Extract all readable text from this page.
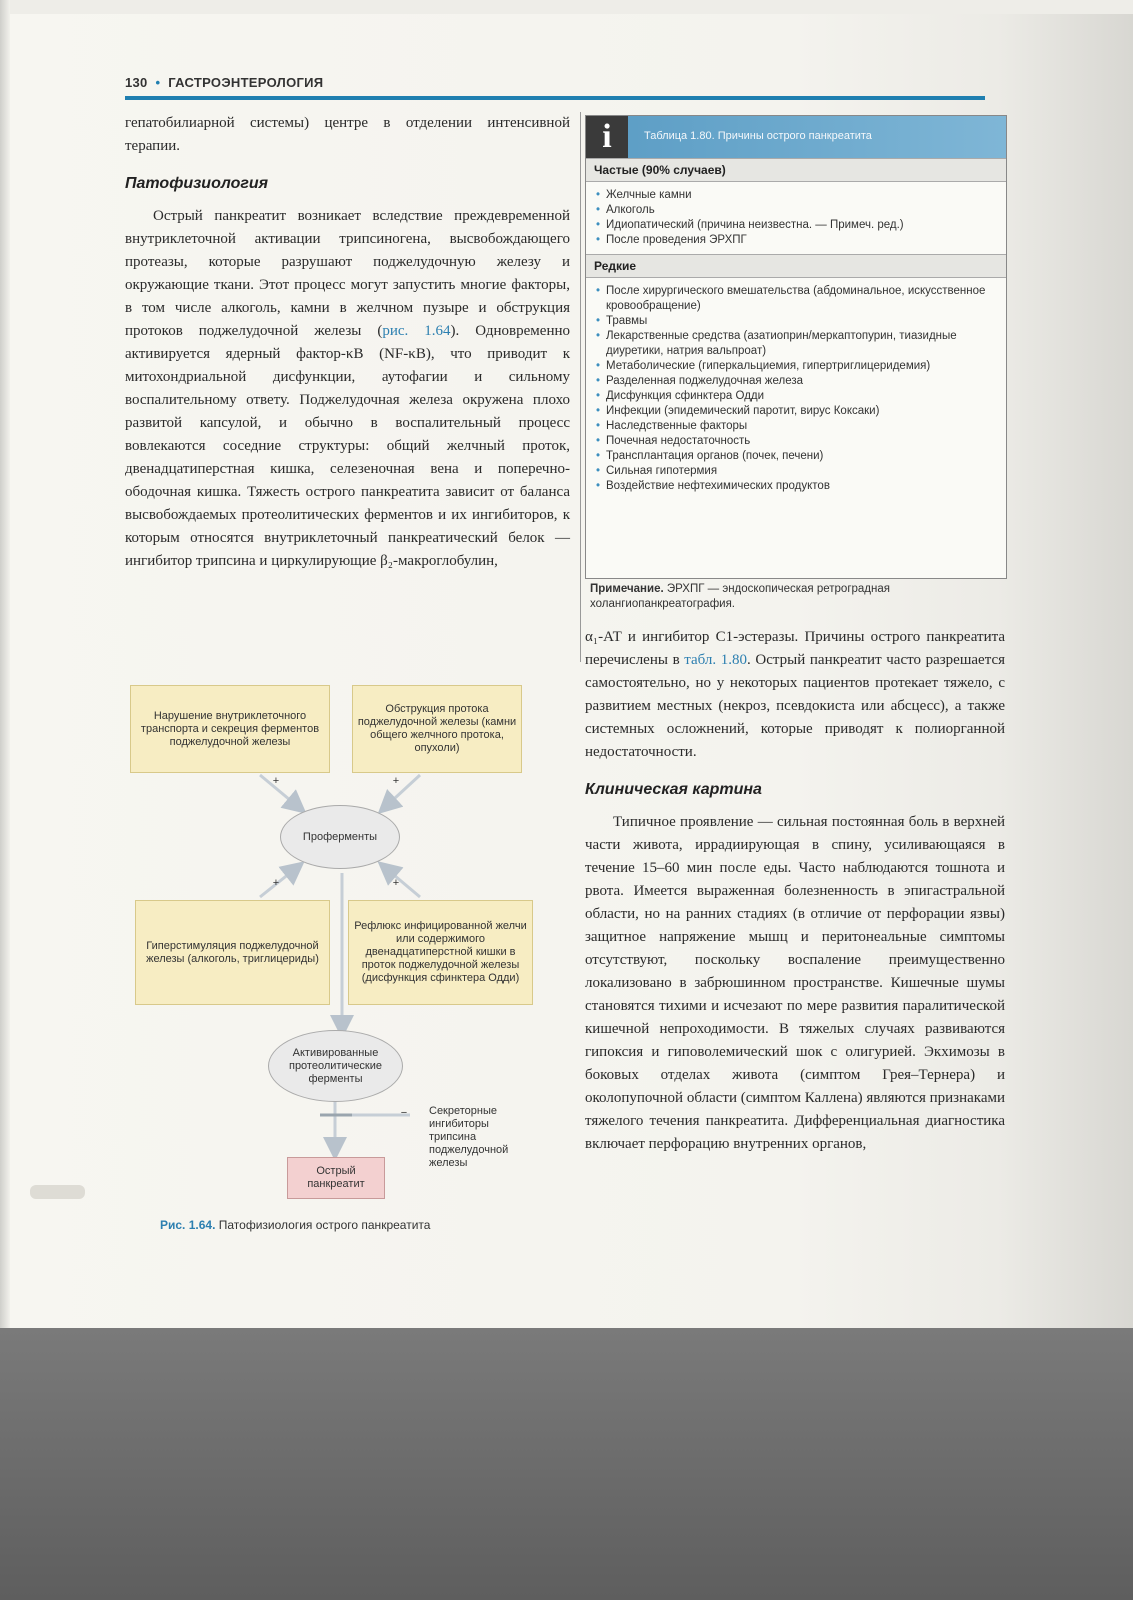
130 • ГАСТРОЭНТЕРОЛОГИЯ

гепатобилиарной системы) центре в отделении интенсивной терапии.

Патофизиология

Острый панкреатит возникает вследствие преждевременной внутриклеточной активации трипсиногена, высвобождающего протеазы, которые разрушают поджелудочную железу и окружающие ткани. Этот процесс могут запустить многие факторы, в том числе алкоголь, камни в желчном пузыре и обструкция протоков поджелудочной железы (рис. 1.64). Одновременно активируется ядерный фактор-κB (NF-κB), что приводит к митохондриальной дисфункции, аутофагии и сильному воспалительному ответу. Поджелудочная железа окружена плохо развитой капсулой, и обычно в воспалительный процесс вовлекаются соседние структуры: общий желчный проток, двенадцатиперстная кишка, селезеночная вена и поперечно-ободочная кишка. Тяжесть острого панкреатита зависит от баланса высвобождаемых протеолитических ферментов и их ингибиторов, к которым относятся внутриклеточный панкреатический белок — ингибитор трипсина и циркулирующие β₂-макроглобулин,

i	Таблица 1.80. Причины острого панкреатита
Частые (90% случаев)
• Желчные камни
• Алкоголь
• Идиопатический (причина неизвестна. — Примеч. ред.)
• После проведения ЭРХПГ
Редкие
• После хирургического вмешательства (абдоминальное, искусственное кровообращение)
• Травмы
• Лекарственные средства (азатиоприн/меркаптопурин, тиазидные диуретики, натрия вальпроат)
• Метаболические (гиперкальциемия, гипертриглицеридемия)
• Разделенная поджелудочная железа
• Дисфункция сфинктера Одди
• Инфекции (эпидемический паротит, вирус Коксаки)
• Наследственные факторы
• Почечная недостаточность
• Трансплантация органов (почек, печени)
• Сильная гипотермия
• Воздействие нефтехимических продуктов
Примечание. ЭРХПГ — эндоскопическая ретроградная холангиопанкреатография.

α₁-АТ и ингибитор C1-эстеразы. Причины острого панкреатита перечислены в табл. 1.80. Острый панкреатит часто разрешается самостоятельно, но у некоторых пациентов протекает тяжело, с развитием местных (некроз, псевдокиста или абсцесс), а также системных осложнений, которые приводят к полиорганной недостаточности.

Клиническая картина

Типичное проявление — сильная постоянная боль в верхней части живота, иррадиирующая в спину, усиливающаяся в течение 15–60 мин после еды. Часто наблюдаются тошнота и рвота. Имеется выраженная болезненность в эпигастральной области, но на ранних стадиях (в отличие от перфорации язвы) защитное напряжение мышц и перитонеальные симптомы отсутствуют, поскольку воспаление преимущественно локализовано в забрюшинном пространстве. Кишечные шумы становятся тихими и исчезают по мере развития паралитической кишечной непроходимости. В тяжелых случаях развиваются гипоксия и гиповолемический шок с олигурией. Экхимозы в боковых отделах живота (симптом Грея–Тернера) и околопупочной области (симптом Каллена) являются признаками тяжелого течения панкреатита. Дифференциальная диагностика включает перфорацию внутренних органов,

Нарушение внутриклеточного транспорта и секреция ферментов поджелудочной железы
Обструкция протока поджелудочной железы (камни общего желчного протока, опухоли)
Проферменты
Гиперстимуляция поджелудочной железы (алкоголь, триглицериды)
Рефлюкс инфицированной желчи или содержимого двенадцатиперстной кишки в проток поджелудочной железы (дисфункция сфинктера Одди)
Активированные протеолитические ферменты
Секреторные ингибиторы трипсина поджелудочной железы
Острый панкреатит
+	+
+	+
−
Рис. 1.64. Патофизиология острого панкреатита
